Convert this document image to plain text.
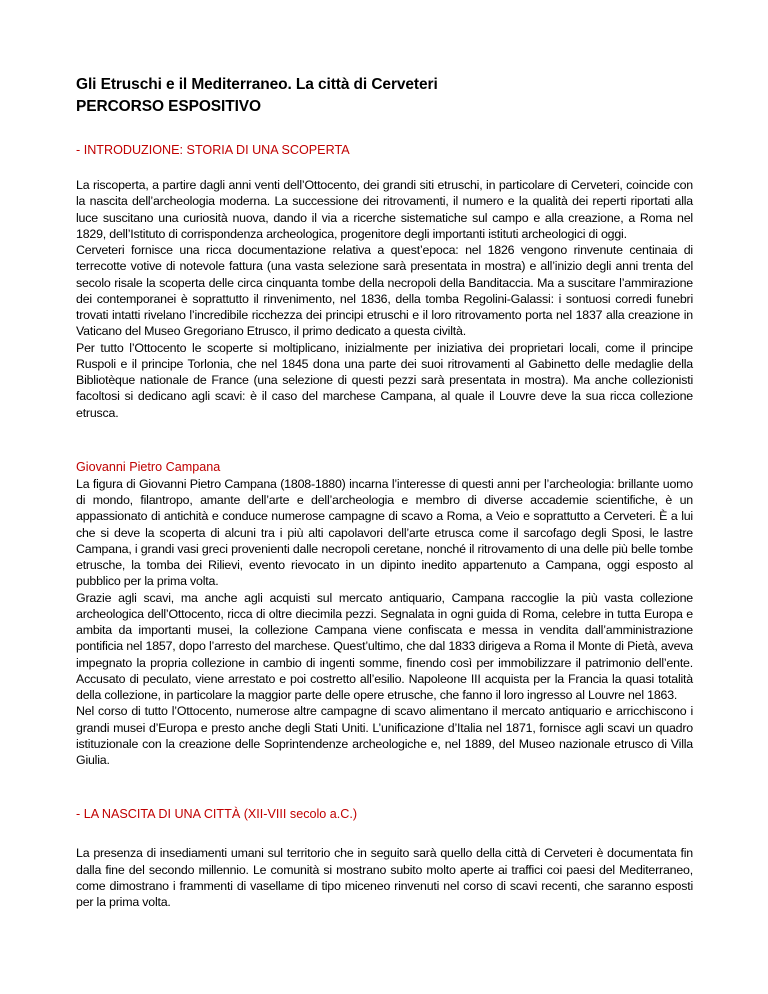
Gli Etruschi e il Mediterraneo. La città di Cerveteri
PERCORSO ESPOSITIVO

- INTRODUZIONE: STORIA DI UNA SCOPERTA

La riscoperta, a partire dagli anni venti dell’Ottocento, dei grandi siti etruschi, in particolare di Cerveteri, coincide con la nascita dell’archeologia moderna. La successione dei ritrovamenti, il numero e la qualità dei reperti riportati alla luce suscitano una curiosità nuova, dando il via a ricerche sistematiche sul campo e alla creazione, a Roma nel 1829, dell’Istituto di corrispondenza archeologica, progenitore degli importanti istituti archeologici di oggi.

Cerveteri fornisce una ricca documentazione relativa a quest’epoca: nel 1826 vengono rinvenute centinaia di terrecotte votive di notevole fattura (una vasta selezione sarà presentata in mostra) e all’inizio degli anni trenta del secolo risale la scoperta delle circa cinquanta tombe della necropoli della Banditaccia. Ma a suscitare l’ammirazione dei contemporanei è soprattutto il rinvenimento, nel 1836, della tomba Regolini-Galassi: i sontuosi corredi funebri trovati intatti rivelano l’incredibile ricchezza dei principi etruschi e il loro ritrovamento porta nel 1837 alla creazione in Vaticano del Museo Gregoriano Etrusco, il primo dedicato a questa civiltà.

Per tutto l’Ottocento le scoperte si moltiplicano, inizialmente per iniziativa dei proprietari locali, come il principe Ruspoli e il principe Torlonia, che nel 1845 dona una parte dei suoi ritrovamenti al Gabinetto delle medaglie della Bibliotèque nationale de France (una selezione di questi pezzi sarà presentata in mostra). Ma anche collezionisti facoltosi si dedicano agli scavi: è il caso del marchese Campana, al quale il Louvre deve la sua ricca collezione etrusca.

Giovanni Pietro Campana

La figura di Giovanni Pietro Campana (1808-1880) incarna l’interesse di questi anni per l’archeologia: brillante uomo di mondo, filantropo, amante dell’arte e dell’archeologia e membro di diverse accademie scientifiche, è un appassionato di antichità e conduce numerose campagne di scavo a Roma, a Veio e soprattutto a Cerveteri. È a lui che si deve la scoperta di alcuni tra i più alti capolavori dell’arte etrusca come il sarcofago degli Sposi, le lastre Campana, i grandi vasi greci provenienti dalle necropoli ceretane, nonché il ritrovamento di una delle più belle tombe etrusche, la tomba dei Rilievi, evento rievocato in un dipinto inedito appartenuto a Campana, oggi esposto al pubblico per la prima volta.

Grazie agli scavi, ma anche agli acquisti sul mercato antiquario, Campana raccoglie la più vasta collezione archeologica dell’Ottocento, ricca di oltre diecimila pezzi. Segnalata in ogni guida di Roma, celebre in tutta Europa e ambita da importanti musei, la collezione Campana viene confiscata e messa in vendita dall’amministrazione pontificia nel 1857, dopo l’arresto del marchese. Quest’ultimo, che dal 1833 dirigeva a Roma il Monte di Pietà, aveva impegnato la propria collezione in cambio di ingenti somme, finendo così per immobilizzare il patrimonio dell’ente. Accusato di peculato, viene arrestato e poi costretto all’esilio. Napoleone III acquista per la Francia la quasi totalità della collezione, in particolare la maggior parte delle opere etrusche, che fanno il loro ingresso al Louvre nel 1863.

Nel corso di tutto l’Ottocento, numerose altre campagne di scavo alimentano il mercato antiquario e arricchiscono i grandi musei d’Europa e presto anche degli Stati Uniti. L’unificazione d’Italia nel 1871, fornisce agli scavi un quadro istituzionale con la creazione delle Soprintendenze archeologiche e, nel 1889, del Museo nazionale etrusco di Villa Giulia.

- LA NASCITA DI UNA CITTÀ (XII-VIII secolo a.C.)

La presenza di insediamenti umani sul territorio che in seguito sarà quello della città di Cerveteri è documentata fin dalla fine del secondo millennio. Le comunità si mostrano subito molto aperte ai traffici coi paesi del Mediterraneo, come dimostrano i frammenti di vasellame di tipo miceneo rinvenuti nel corso di scavi recenti, che saranno esposti per la prima volta.
